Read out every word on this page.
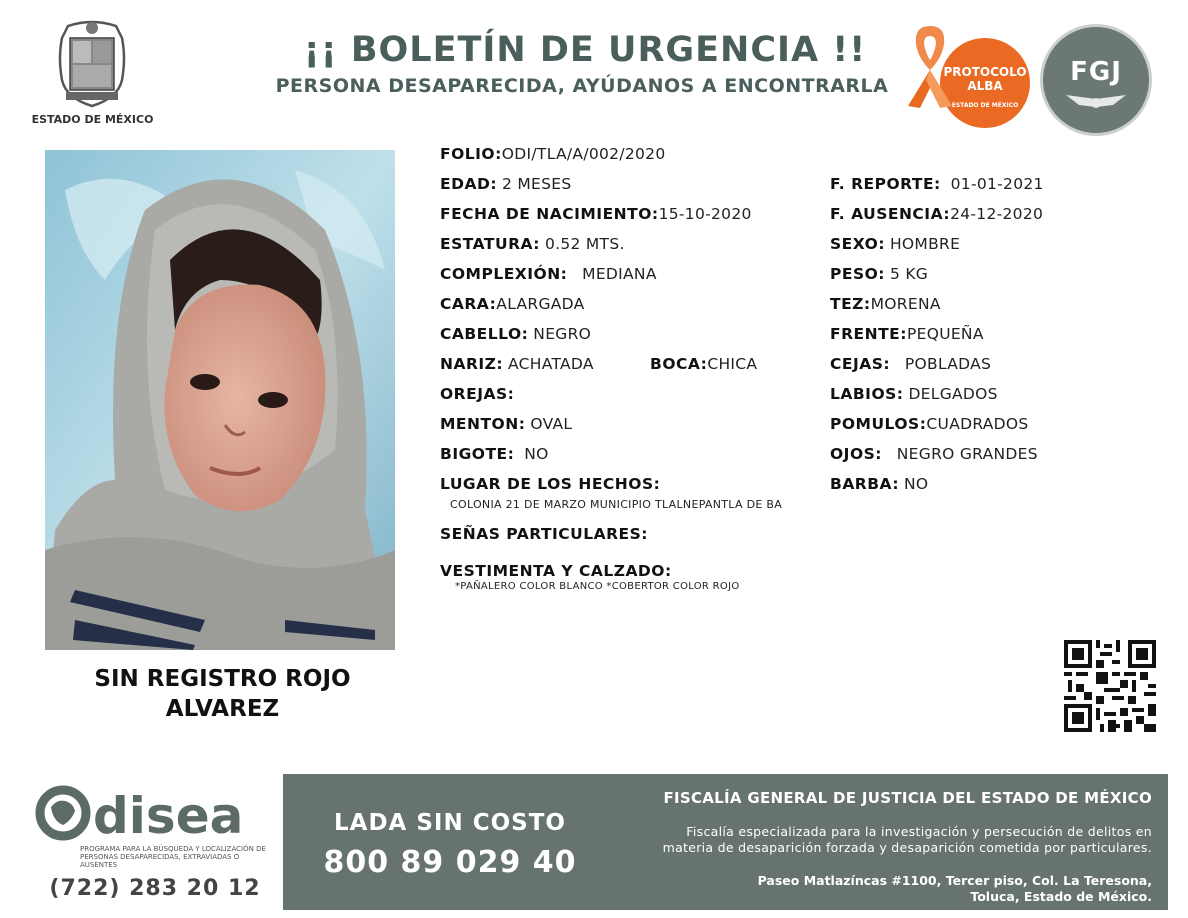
ESTADO DE MÉXICO
¡¡ BOLETÍN DE URGENCIA !!
PERSONA DESAPARECIDA, AYÚDANOS A ENCONTRARLA
PROTOCOLO
ALBA
ESTADO DE MÉXICO
FGJ
SIN REGISTRO ROJO
ALVAREZ
FOLIO:ODI/TLA/A/002/2020
EDAD: 2 MESES
FECHA DE NACIMIENTO:15-10-2020
ESTATURA: 0.52 MTS.
COMPLEXIÓN: MEDIANA
CARA:ALARGADA
CABELLO: NEGRO
NARIZ: ACHATADA	BOCA:CHICA
OREJAS:
MENTON: OVAL
BIGOTE: NO
LUGAR DE LOS HECHOS:
COLONIA 21 DE MARZO MUNICIPIO TLALNEPANTLA DE BA
SEÑAS PARTICULARES:
VESTIMENTA Y CALZADO:
*PAÑALERO COLOR BLANCO *COBERTOR COLOR ROJO
F. REPORTE: 01-01-2021
F. AUSENCIA:24-12-2020
SEXO: HOMBRE
PESO: 5 KG
TEZ:MORENA
FRENTE:PEQUEÑA
CEJAS: POBLADAS
LABIOS: DELGADOS
POMULOS:CUADRADOS
OJOS: NEGRO GRANDES
BARBA: NO
disea
PROGRAMA PARA LA BÚSQUEDA Y LOCALIZACIÓN DE PERSONAS DESAPARECIDAS, EXTRAVIADAS O AUSENTES
(722) 283 20 12
LADA SIN COSTO
800 89 029 40
FISCALÍA GENERAL DE JUSTICIA DEL ESTADO DE MÉXICO
Fiscalía especializada para la investigación y persecución de delitos en
materia de desaparición forzada y desaparición cometida por particulares.
Paseo Matlazíncas #1100, Tercer piso, Col. La Teresona,
Toluca, Estado de México.
